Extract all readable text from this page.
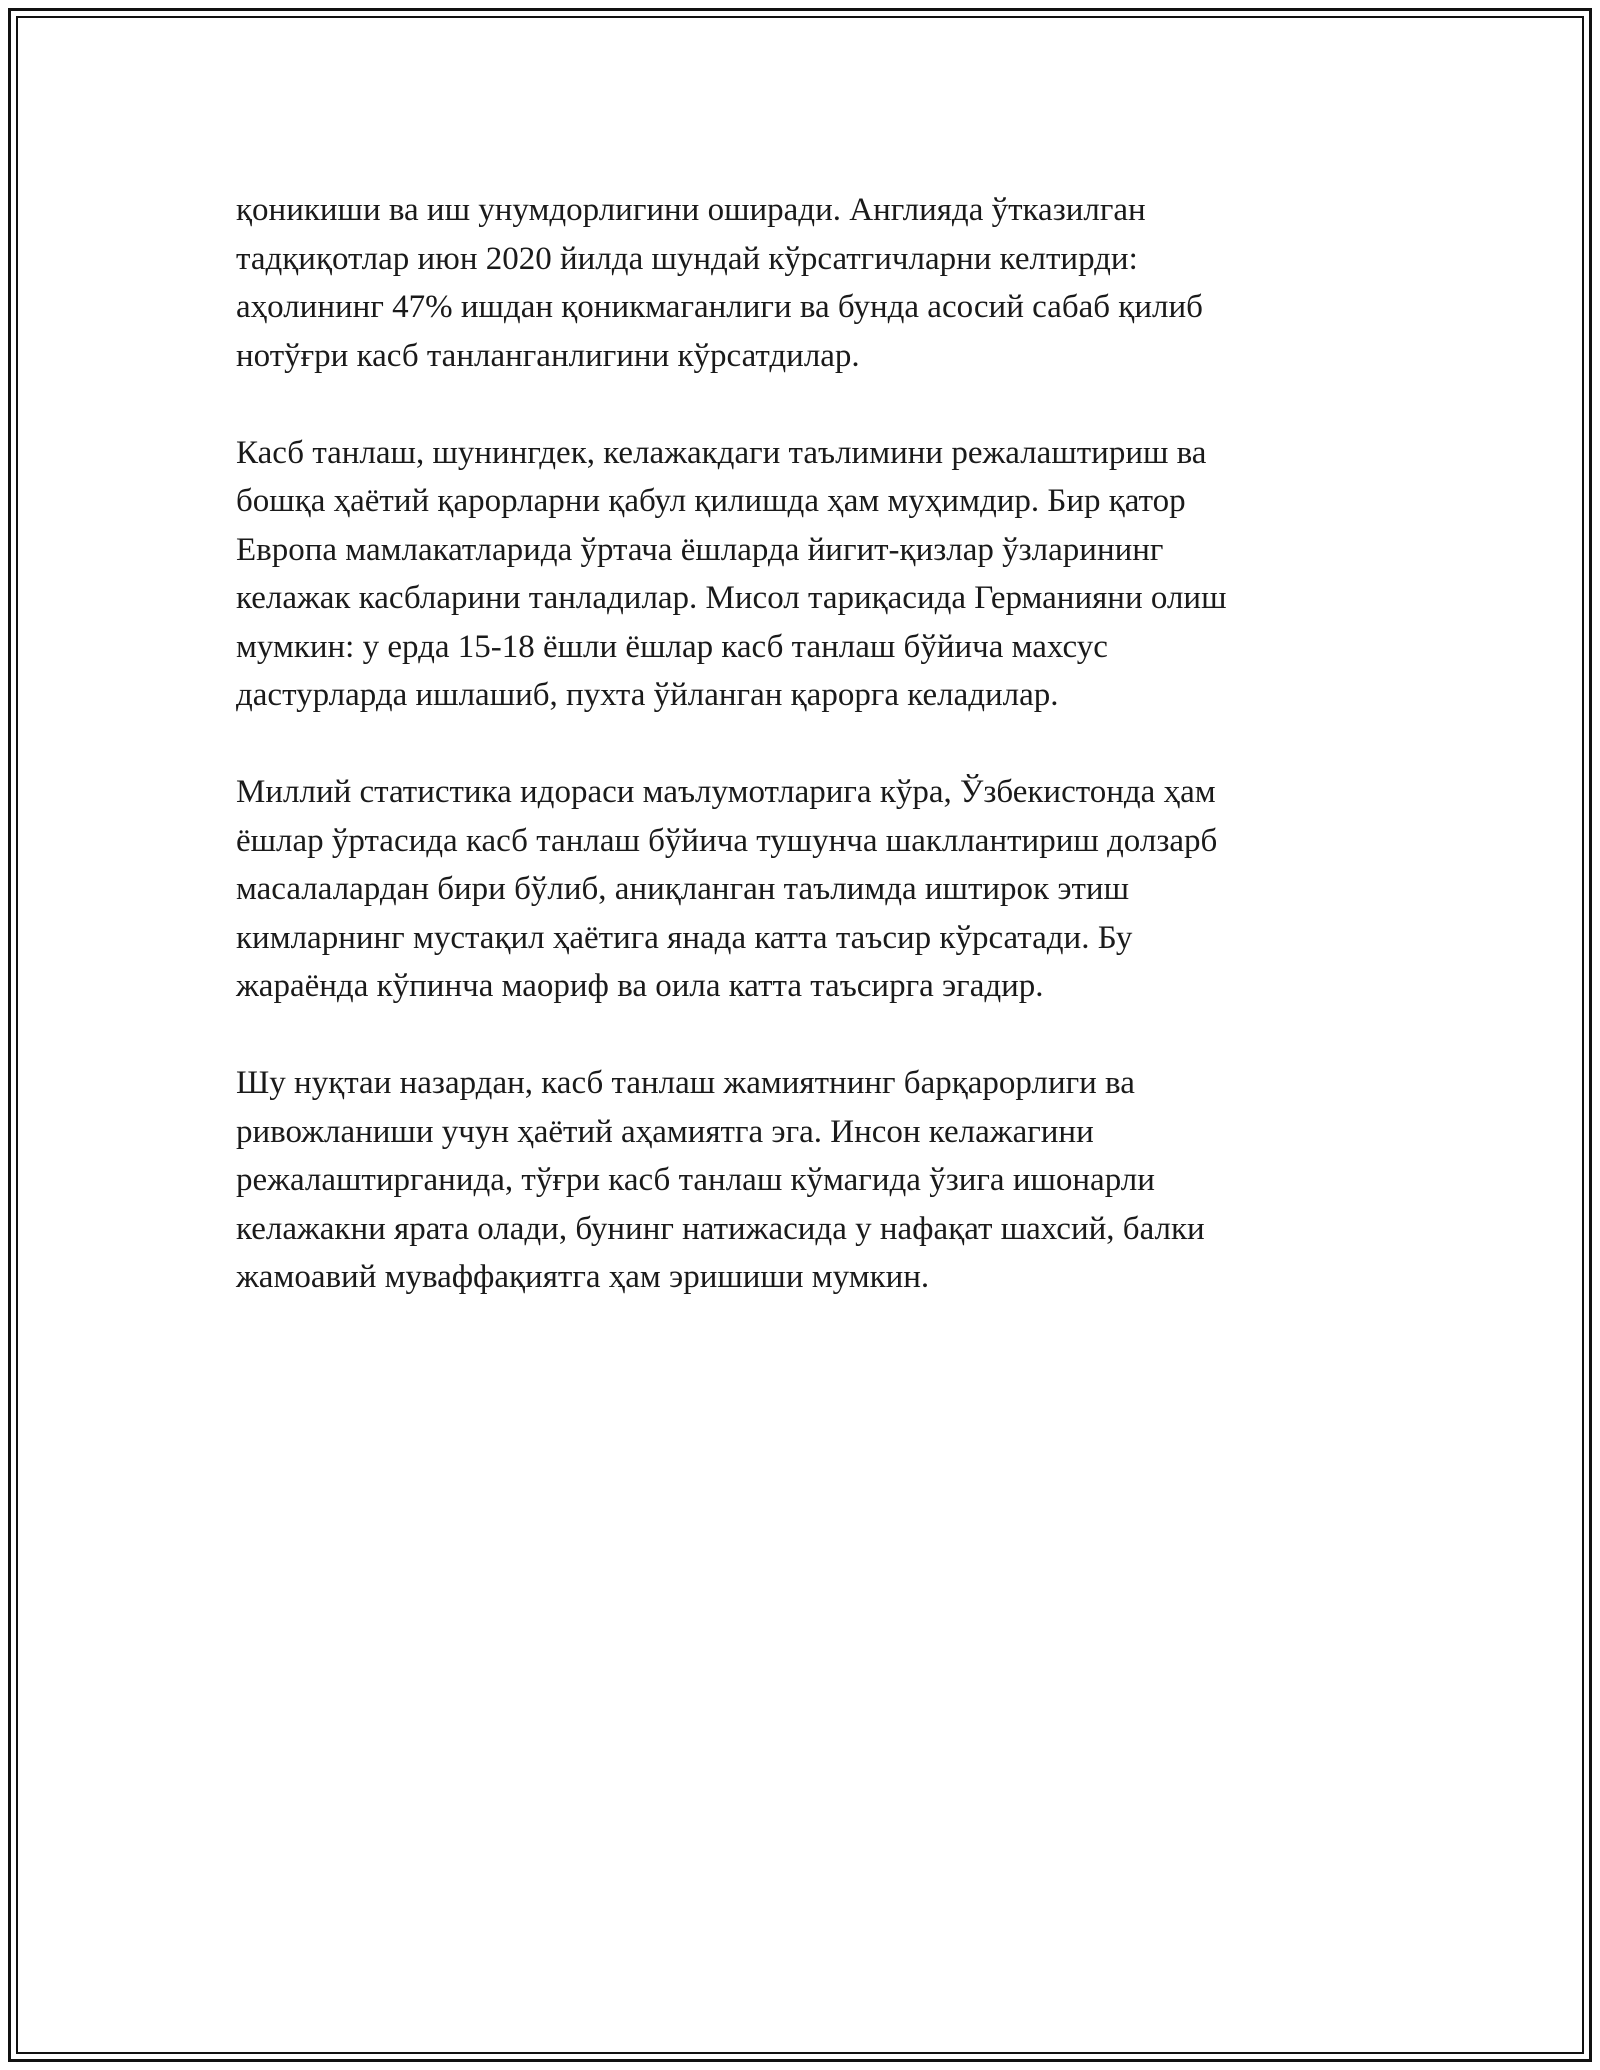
қоникиши ва иш унумдорлигини оширади. Англияда ўтказилган
тадқиқотлар июн 2020 йилда шундай кўрсатгичларни келтирди:
аҳолининг 47% ишдан қоникмаганлиги ва бунда асосий сабаб қилиб
нотўғри касб танланганлигини кўрсатдилар.

Касб танлаш, шунингдек, келажакдаги таълимини режалаштириш ва
бошқа ҳаётий қарорларни қабул қилишда ҳам муҳимдир. Бир қатор
Европа мамлакатларида ўртача ёшларда йигит-қизлар ўзларининг
келажак касбларини танладилар. Мисол тариқасида Германияни олиш
мумкин: у ерда 15-18 ёшли ёшлар касб танлаш бўйича махсус
дастурларда ишлашиб, пухта ўйланган қарорга келадилар.

Миллий статистика идораси маълумотларига кўра, Ўзбекистонда ҳам
ёшлар ўртасида касб танлаш бўйича тушунча шакллантириш долзарб
масалалардан бири бўлиб, аниқланган таълимда иштирок этиш
кимларнинг мустақил ҳаётига янада катта таъсир кўрсатади. Бу
жараёнда кўпинча маориф ва оила катта таъсирга эгадир.

Шу нуқтаи назардан, касб танлаш жамиятнинг барқарорлиги ва
ривожланиши учун ҳаётий аҳамиятга эга. Инсон келажагини
режалаштирганида, тўғри касб танлаш кўмагида ўзига ишонарли
келажакни ярата олади, бунинг натижасида у нафақат шахсий, балки
жамоавий муваффақиятга ҳам эришиши мумкин.
